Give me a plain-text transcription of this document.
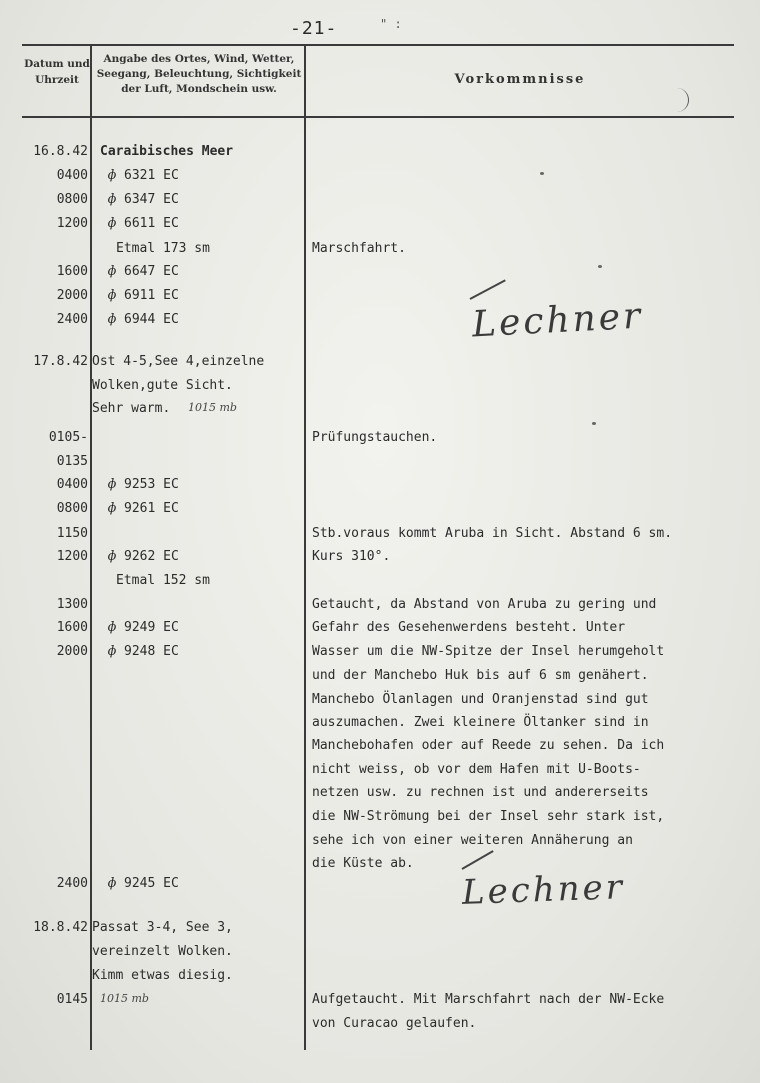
-21-	" :
Datum und Uhrzeit
Angabe des Ortes, Wind, Wetter, Seegang, Beleuchtung, Sichtigkeit der Luft, Mondschein usw.
Vorkommnisse
16.8.42 Caraibisches Meer
0400 ɸ 6321 EC
0800 ɸ 6347 EC
1200 ɸ 6611 EC
Etmal 173 sm	Marschfahrt.
1600 ɸ 6647 EC
2000 ɸ 6911 EC
2400 ɸ 6944 EC
17.8.42 Ost 4-5,See 4,einzelne
Wolken,gute Sicht.
Sehr warm. 1015 mb
0105-	Prüfungstauchen.
0135
0400 ɸ 9253 EC
0800 ɸ 9261 EC
1150	Stb.voraus kommt Aruba in Sicht. Abstand 6 sm.
1200 ɸ 9262 EC	Kurs 310°.
Etmal 152 sm
1300	Getaucht, da Abstand von Aruba zu gering und
1600 ɸ 9249 EC	Gefahr des Gesehenwerdens besteht. Unter
2000 ɸ 9248 EC	Wasser um die NW-Spitze der Insel herumgeholt
und der Manchebo Huk bis auf 6 sm genähert.
Manchebo Ölanlagen und Oranjenstad sind gut
auszumachen. Zwei kleinere Öltanker sind in
Manchebohafen oder auf Reede zu sehen. Da ich
nicht weiss, ob vor dem Hafen mit U-Boots-
netzen usw. zu rechnen ist und andererseits
die NW-Strömung bei der Insel sehr stark ist,
sehe ich von einer weiteren Annäherung an
die Küste ab.
2400 ɸ 9245 EC
18.8.42 Passat 3-4, See 3,
vereinzelt Wolken.
Kimm etwas diesig.
0145 1015 mb	Aufgetaucht. Mit Marschfahrt nach der NW-Ecke
von Curacao gelaufen.
Lechner
Lechner
